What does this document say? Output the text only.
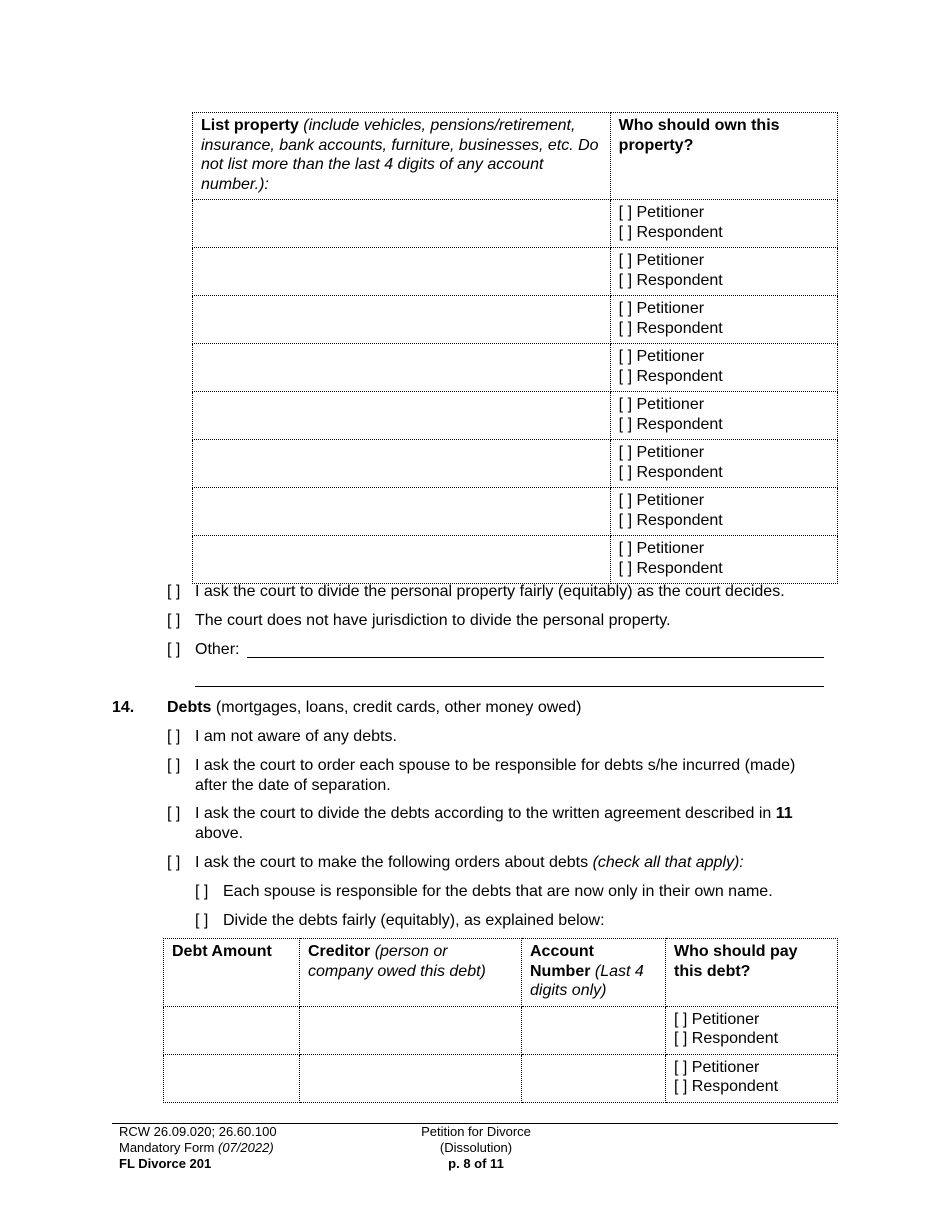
List property (include vehicles, pensions/retirement, insurance, bank accounts, furniture, businesses, etc. Do not list more than the last 4 digits of any account number.):	Who should own this property?

	[ ] Petitioner
[ ] Respondent

	[ ] Petitioner
[ ] Respondent

	[ ] Petitioner
[ ] Respondent

	[ ] Petitioner
[ ] Respondent

	[ ] Petitioner
[ ] Respondent

	[ ] Petitioner
[ ] Respondent

	[ ] Petitioner
[ ] Respondent

	[ ] Petitioner
[ ] Respondent
[ ] I ask the court to divide the personal property fairly (equitably) as the court decides.
[ ] The court does not have jurisdiction to divide the personal property.
[ ] Other:
14. Debts (mortgages, loans, credit cards, other money owed)
[ ] I am not aware of any debts.
[ ] I ask the court to order each spouse to be responsible for debts s/he incurred (made)
after the date of separation.
[ ] I ask the court to divide the debts according to the written agreement described in 11
above.
[ ] I ask the court to make the following orders about debts (check all that apply):
[ ] Each spouse is responsible for the debts that are now only in their own name.
[ ] Divide the debts fairly (equitably), as explained below:
Debt Amount	Creditor (person or company owed this debt)	Account Number (Last 4 digits only)	Who should pay this debt?

			[ ] Petitioner
[ ] Respondent

			[ ] Petitioner
[ ] Respondent
RCW 26.09.020; 26.60.100
Mandatory Form (07/2022)
FL Divorce 201
Petition for Divorce
(Dissolution)
p. 8 of 11
